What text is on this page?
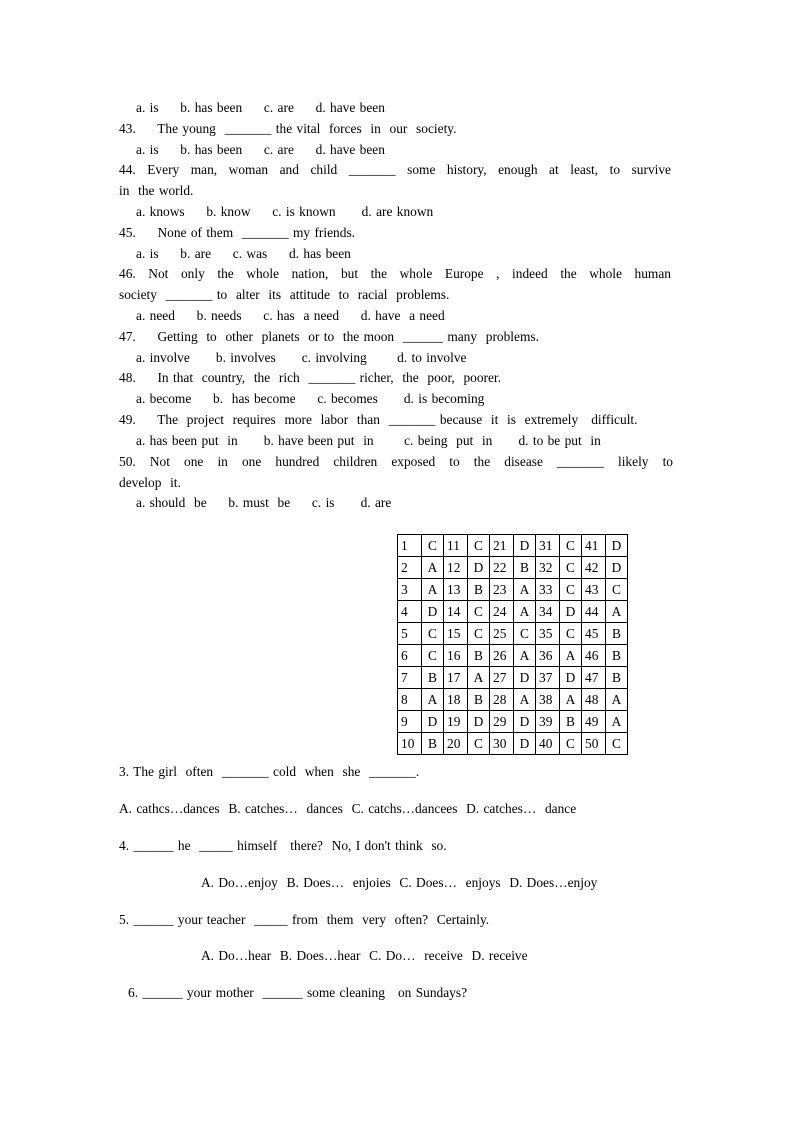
a. is     b. has been     c. are     d. have been
43.     The young  _______ the vital  forces  in  our  society.
a. is     b. has been     c. are     d. have been
44. Every man, woman and child _______ some history, enough at least, to survive
in  the world.
a. knows     b. know     c. is known      d. are known
45.     None of them  _______ my friends.
a. is     b. are     c. was     d. has been
46. Not only the whole nation, but the whole Europe , indeed the whole human
society  _______ to  alter  its  attitude  to  racial  problems.
a. need     b. needs     c. has  a need     d. have  a need
47.     Getting  to  other  planets  or to  the moon  ______ many  problems.
a. involve      b. involves      c. involving       d. to involve
48.     In that  country,  the  rich  _______ richer,  the  poor,  poorer.
a. become     b.  has become     c. becomes      d. is becoming
49.     The  project  requires  more  labor  than  _______ because  it  is  extremely   difficult.
a. has been put  in      b. have been put  in       c. being  put  in      d. to be put  in
50. Not one in one hundred children exposed to the disease _______ likely to
develop  it.
a. should  be     b. must  be     c. is      d. are
1	C	11	C	21	D	31	C	41	D
2	A	12	D	22	B	32	C	42	D
3	A	13	B	23	A	33	C	43	C
4	D	14	C	24	A	34	D	44	A
5	C	15	C	25	C	35	C	45	B
6	C	16	B	26	A	36	A	46	B
7	B	17	A	27	D	37	D	47	B
8	A	18	B	28	A	38	A	48	A
9	D	19	D	29	D	39	B	49	A
10	B	20	C	30	D	40	C	50	C
3. The girl  often  _______ cold  when  she  _______.
A. cathcs…dances  B. catches…  dances  C. catchs…dancees  D. catches…  dance
4. ______ he  _____ himself   there?  No, I don't think  so.
A. Do…enjoy  B. Does…  enjoies  C. Does…  enjoys  D. Does…enjoy
5. ______ your teacher  _____ from  them  very  often?  Certainly.
A. Do…hear  B. Does…hear  C. Do…  receive  D. receive
6. ______ your mother  ______ some cleaning   on Sundays?
